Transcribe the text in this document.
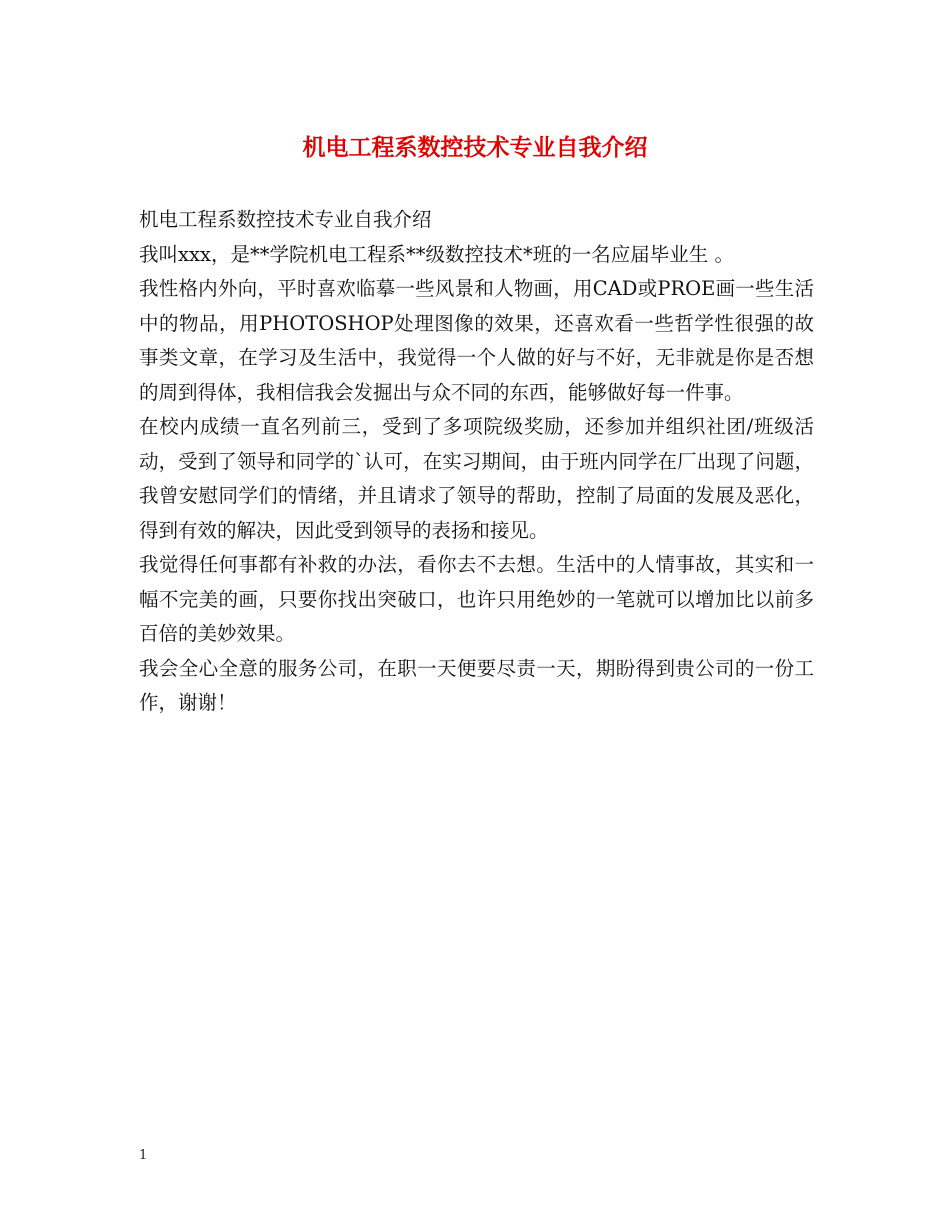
机电工程系数控技术专业自我介绍

机电工程系数控技术专业自我介绍

我叫xxx，是**学院机电工程系**级数控技术*班的一名应届毕业生 。

我性格内外向，平时喜欢临摹一些风景和人物画，用CAD或PROE画一些生活中的物品，用PHOTOSHOP处理图像的效果，还喜欢看一些哲学性很强的故事类文章，在学习及生活中，我觉得一个人做的好与不好，无非就是你是否想的周到得体，我相信我会发掘出与众不同的东西，能够做好每一件事。

在校内成绩一直名列前三，受到了多项院级奖励，还参加并组织社团/班级活动，受到了领导和同学的`认可，在实习期间，由于班内同学在厂出现了问题，我曾安慰同学们的情绪，并且请求了领导的帮助，控制了局面的发展及恶化，得到有效的解决，因此受到领导的表扬和接见。

我觉得任何事都有补救的办法，看你去不去想。生活中的人情事故，其实和一幅不完美的画，只要你找出突破口，也许只用绝妙的一笔就可以增加比以前多百倍的美妙效果。

我会全心全意的服务公司，在职一天便要尽责一天，期盼得到贵公司的一份工作，谢谢！

1
